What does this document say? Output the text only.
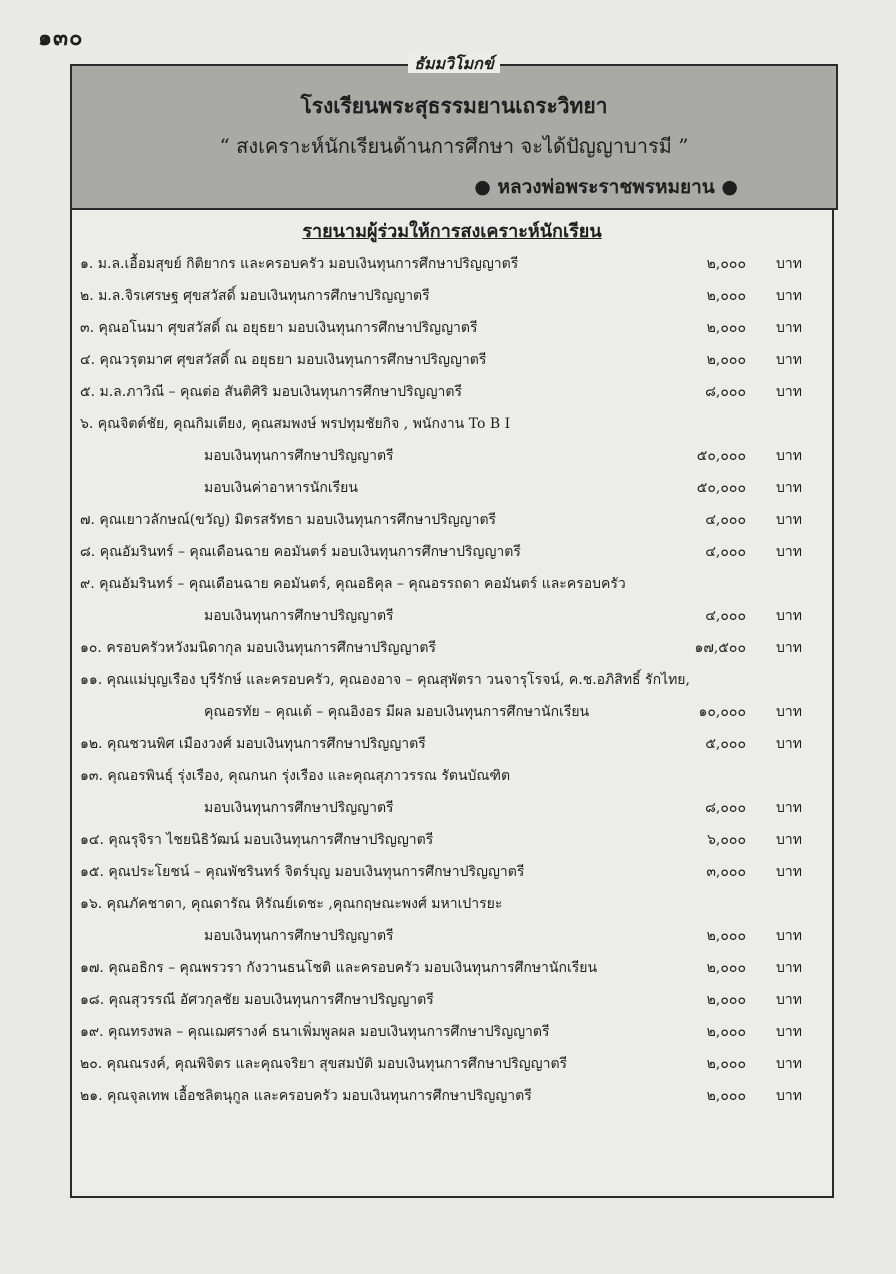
๑๓๐
ธัมมวิโมกข์
โรงเรียนพระสุธรรมยานเถระวิทยา
“ สงเคราะห์นักเรียนด้านการศึกษา จะได้ปัญญาบารมี ”
● หลวงพ่อพระราชพรหมยาน ●
รายนามผู้ร่วมให้การสงเคราะห์นักเรียน
๑. ม.ล.เอื้อมสุขย์ กิติยากร และครอบครัว มอบเงินทุนการศึกษาปริญญาตรี	๒,๐๐๐ บาท
๒. ม.ล.จิรเศรษฐ ศุขสวัสดิ์ มอบเงินทุนการศึกษาปริญญาตรี	๒,๐๐๐ บาท
๓. คุณอโนมา ศุขสวัสดิ์ ณ อยุธยา มอบเงินทุนการศึกษาปริญญาตรี	๒,๐๐๐ บาท
๔. คุณวรุตมาศ ศุขสวัสดิ์ ณ อยุธยา มอบเงินทุนการศึกษาปริญญาตรี	๒,๐๐๐ บาท
๕. ม.ล.ภาวิณี – คุณต่อ สันติศิริ มอบเงินทุนการศึกษาปริญญาตรี	๘,๐๐๐ บาท
๖. คุณจิตต์ชัย, คุณกิมเตียง, คุณสมพงษ์ พรปทุมชัยกิจ , พนักงาน To B I
มอบเงินทุนการศึกษาปริญญาตรี	๕๐,๐๐๐ บาท
มอบเงินค่าอาหารนักเรียน	๕๐,๐๐๐ บาท
๗. คุณเยาวลักษณ์(ขวัญ) มิตรสรัทธา มอบเงินทุนการศึกษาปริญญาตรี	๔,๐๐๐ บาท
๘. คุณอัมรินทร์ – คุณเดือนฉาย คอมันตร์ มอบเงินทุนการศึกษาปริญญาตรี	๔,๐๐๐ บาท
๙. คุณอัมรินทร์ – คุณเดือนฉาย คอมันตร์, คุณอธิคุล – คุณอรรถดา คอมันตร์ และครอบครัว
มอบเงินทุนการศึกษาปริญญาตรี	๔,๐๐๐ บาท
๑๐. ครอบครัวหวังมนิดากุล มอบเงินทุนการศึกษาปริญญาตรี	๑๗,๕๐๐ บาท
๑๑. คุณแม่บุญเรือง บุรีรักษ์ และครอบครัว, คุณองอาจ – คุณสุพัตรา วนจารุโรจน์, ค.ช.อภิสิทธิ์ รักไทย,
คุณอรทัย – คุณเต้ – คุณอิงอร มีผล มอบเงินทุนการศึกษานักเรียน	๑๐,๐๐๐ บาท
๑๒. คุณชวนพิศ เมืองวงศ์ มอบเงินทุนการศึกษาปริญญาตรี	๕,๐๐๐ บาท
๑๓. คุณอรพินธุ์ รุ่งเรือง, คุณกนก รุ่งเรือง และคุณสุภาวรรณ รัตนบัณฑิต
มอบเงินทุนการศึกษาปริญญาตรี	๘,๐๐๐ บาท
๑๔. คุณรุจิรา ไชยนิธิวัฒน์ มอบเงินทุนการศึกษาปริญญาตรี	๖,๐๐๐ บาท
๑๕. คุณประโยชน์ – คุณพัชรินทร์ จิตร์บุญ มอบเงินทุนการศึกษาปริญญาตรี	๓,๐๐๐ บาท
๑๖. คุณภัคชาดา, คุณดารัณ หิรัณย์เดชะ ,คุณกฤษณะพงศ์ มหาเปารยะ
มอบเงินทุนการศึกษาปริญญาตรี	๒,๐๐๐ บาท
๑๗. คุณอธิกร – คุณพรวรา กังวานธนโชติ และครอบครัว มอบเงินทุนการศึกษานักเรียน	๒,๐๐๐ บาท
๑๘. คุณสุวรรณี อัศวกุลชัย มอบเงินทุนการศึกษาปริญญาตรี	๒,๐๐๐ บาท
๑๙. คุณทรงพล – คุณเฌศรางค์ ธนาเพิ่มพูลผล มอบเงินทุนการศึกษาปริญญาตรี	๒,๐๐๐ บาท
๒๐. คุณณรงค์, คุณพิจิตร และคุณจริยา สุขสมบัติ มอบเงินทุนการศึกษาปริญญาตรี	๒,๐๐๐ บาท
๒๑. คุณจุลเทพ เอื้อชลิตนุกูล และครอบครัว มอบเงินทุนการศึกษาปริญญาตรี	๒,๐๐๐ บาท
